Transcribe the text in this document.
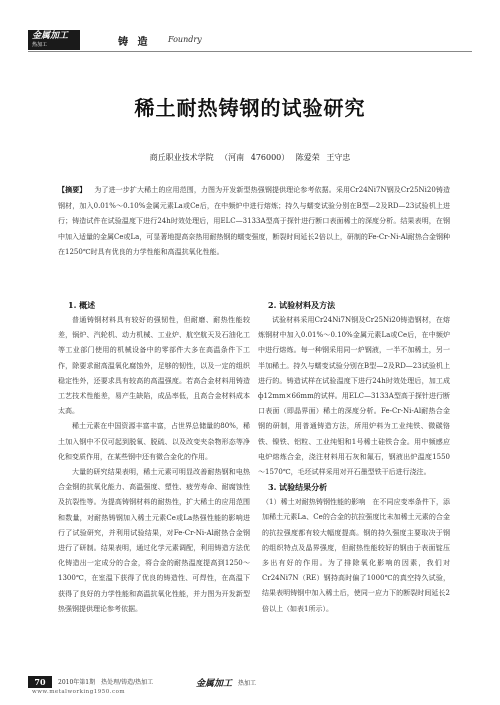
金属加工
热加工	铸 造 Foundry
稀土耐热铸钢的试验研究
商丘职业技术学院 （河南 476000） 陈爱荣 王守忠
【摘要】 为了进一步扩大稀土的应用范围，力图为开发新型热强钢提供理论参考依据。采用Cr24Ni7N钢及Cr25Ni20铸造钢材，加入0.01%～0.10%金属元素La或Ce后，在中频炉中进行熔炼；持久与蠕变试验分别在B型—2及RD—23试验机上进行；铸造试件在试验温度下进行24h时效处理后，用ELC—3133A型高于探针进行断口表面稀土的深度分析。结果表明，在钢中加入适量的金属Ce或La，可显著地提高奈热用耐热钢的蠕变强度，断裂时间延长2倍以上，研制的Fe-Cr-Ni-Al耐热合金钢种在1250℃时具有优良的力学性能和高温抗氧化性能。
1. 概述

普通铸钢材料具有较好的强韧性，但耐磨、耐热性能较差，锅炉、汽轮机、动力机械、工业炉、航空航天及石油化工等工业部门使用的机械设备中的零部件大多在高温条件下工作，除要求耐高温氧化腐蚀外，足够的韧性，以及一定的组织稳定性外，还要求具有较高的高温强度。若高合金材料用铸造工艺技术性能差，易产生缺陷，成品率低，且高合金材料成本太高。

稀土元素在中国资源丰富丰富，占世界总储量的80%，稀土加入钢中不仅可起到脱氧、脱硫、以及改变夹杂物形态等净化和变质作用，在某些钢中还有微合金化的作用。

大量的研究结果表明，稀土元素可明显改善耐热钢和电热合金钢的抗氧化能力、高温强度、塑性、疲劳寿命、耐腐蚀性及抗裂性等。为提高铸钢材料的耐热性，扩大稀土的应用范围和数量，对耐热铸钢加入稀土元素Ce或La热强性能的影响进行了试验研究，并利用试验结果，对Fe-Cr-Ni-Al耐热合金钢进行了研制。结果表明，通过化学元素调配，利用铸造方法优化铸造出一定成分的合金，将合金的耐热温度提高到1250～1300℃，在室温下获得了优良的铸造性、可焊性，在高温下获得了良好的力学性能和高温抗氧化性能，并力图为开发新型热强钢提供理论参考依据。

2. 试验材料及方法

试验材料采用Cr24Ni7N钢及Cr25Ni20铸造钢材，在熔炼钢材中加入0.01%～0.10%金属元素La或Ce后，在中频炉中进行熔炼。每一种钢采用同一炉钢液，一半不加稀土，另一半加稀土。持久与蠕变试验分别在B型—2及RD—23试验机上进行的。铸造试样在试验温度下进行24h时效处理后，加工成ф12mm×66mm的试样。用ELC—3133A型高于探针进行断口表面（即晶界面）稀土的深度分析。Fe-Cr-Ni-Al耐热合金钢的研制，用普通铸造方法，所用炉料为工业纯铁、微碳铬铁、镍铁、铝粒、工业纯钼和1号稀土硅铁合金。用中频感应电炉熔炼合金，浇注材料用石灰和氟石，钢液出炉温度1550～1570℃，毛坯试样采用对开石墨型铁干后进行浇注。

3. 试验结果分析

（1）稀土对耐热铸钢性能的影响　在不同应变率条件下，添加稀土元素La、Ce的合金的抗拉强度比未加稀土元素的合金的抗拉强度都有较大幅度提高。钢的持久强度主要取决于钢的组织特点及晶界强度，但耐热性能较好的钢由于表面锭压多出有好的作用。为了排除氧化影响的因素，我们对Cr24Ni7N（RE）钢持高时偏了1000℃的真空持久试验，结果表明铸钢中加入稀土后，使同一应力下的断裂时间延长2倍以上（如表1所示）。

70	2010年第1期　热处理/铸造/热加工
www.metalworking1950.com
金属加工 热加工
